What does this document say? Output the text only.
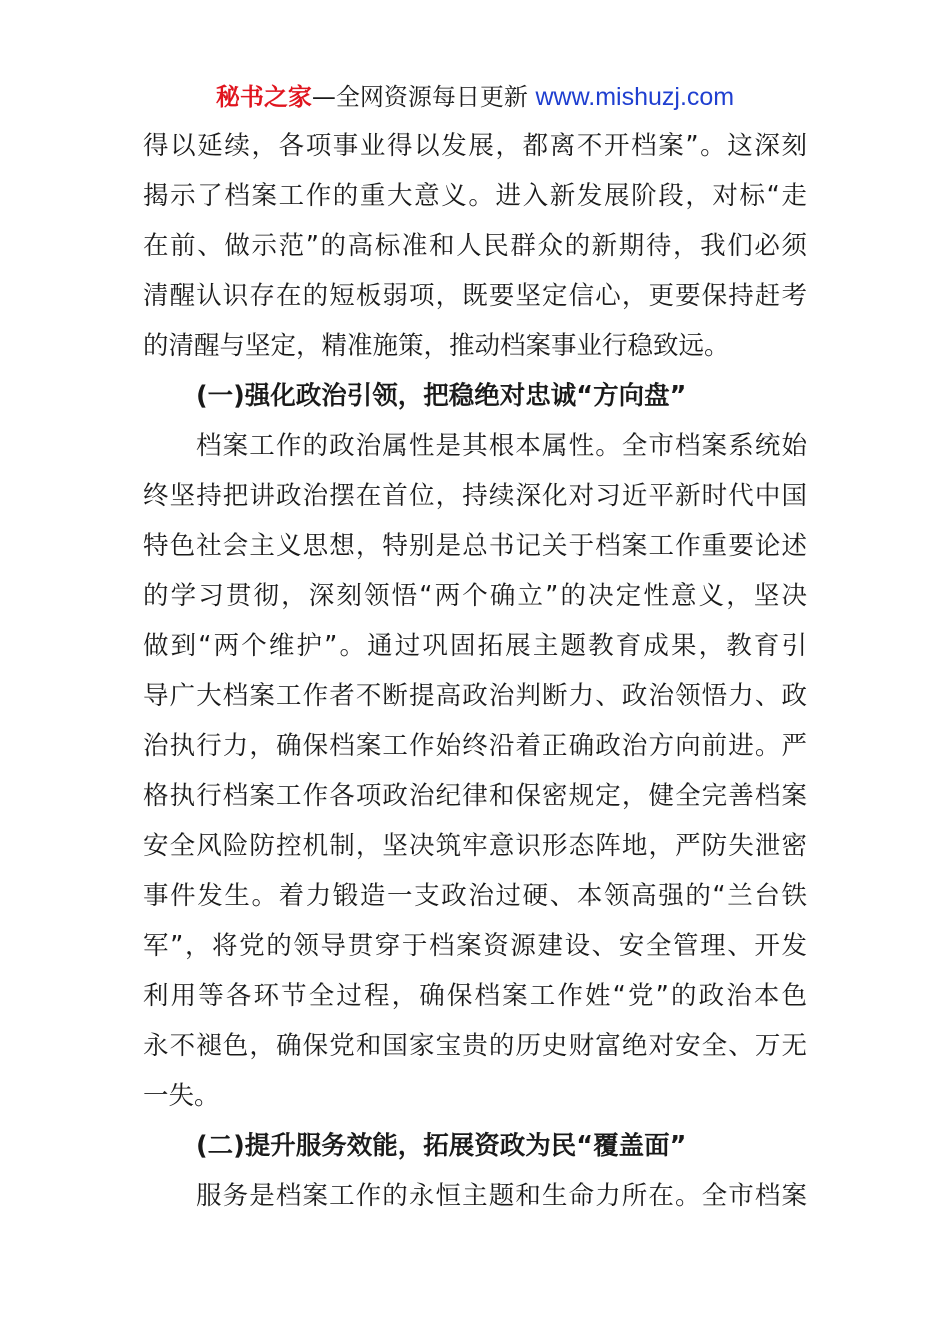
秘书之家—全网资源每日更新 www.mishuzj.com
得以延续，各项事业得以发展，都离不开档案”。这深刻
揭示了档案工作的重大意义。进入新发展阶段，对标“走
在前、做示范”的高标准和人民群众的新期待，我们必须
清醒认识存在的短板弱项，既要坚定信心，更要保持赶考
的清醒与坚定，精准施策，推动档案事业行稳致远。
(一)强化政治引领，把稳绝对忠诚“方向盘”
档案工作的政治属性是其根本属性。全市档案系统始
终坚持把讲政治摆在首位，持续深化对习近平新时代中国
特色社会主义思想，特别是总书记关于档案工作重要论述
的学习贯彻，深刻领悟“两个确立”的决定性意义，坚决
做到“两个维护”。通过巩固拓展主题教育成果，教育引
导广大档案工作者不断提高政治判断力、政治领悟力、政
治执行力，确保档案工作始终沿着正确政治方向前进。严
格执行档案工作各项政治纪律和保密规定，健全完善档案
安全风险防控机制，坚决筑牢意识形态阵地，严防失泄密
事件发生。着力锻造一支政治过硬、本领高强的“兰台铁
军”，将党的领导贯穿于档案资源建设、安全管理、开发
利用等各环节全过程，确保档案工作姓“党”的政治本色
永不褪色，确保党和国家宝贵的历史财富绝对安全、万无
一失。
(二)提升服务效能，拓展资政为民“覆盖面”
服务是档案工作的永恒主题和生命力所在。全市档案
